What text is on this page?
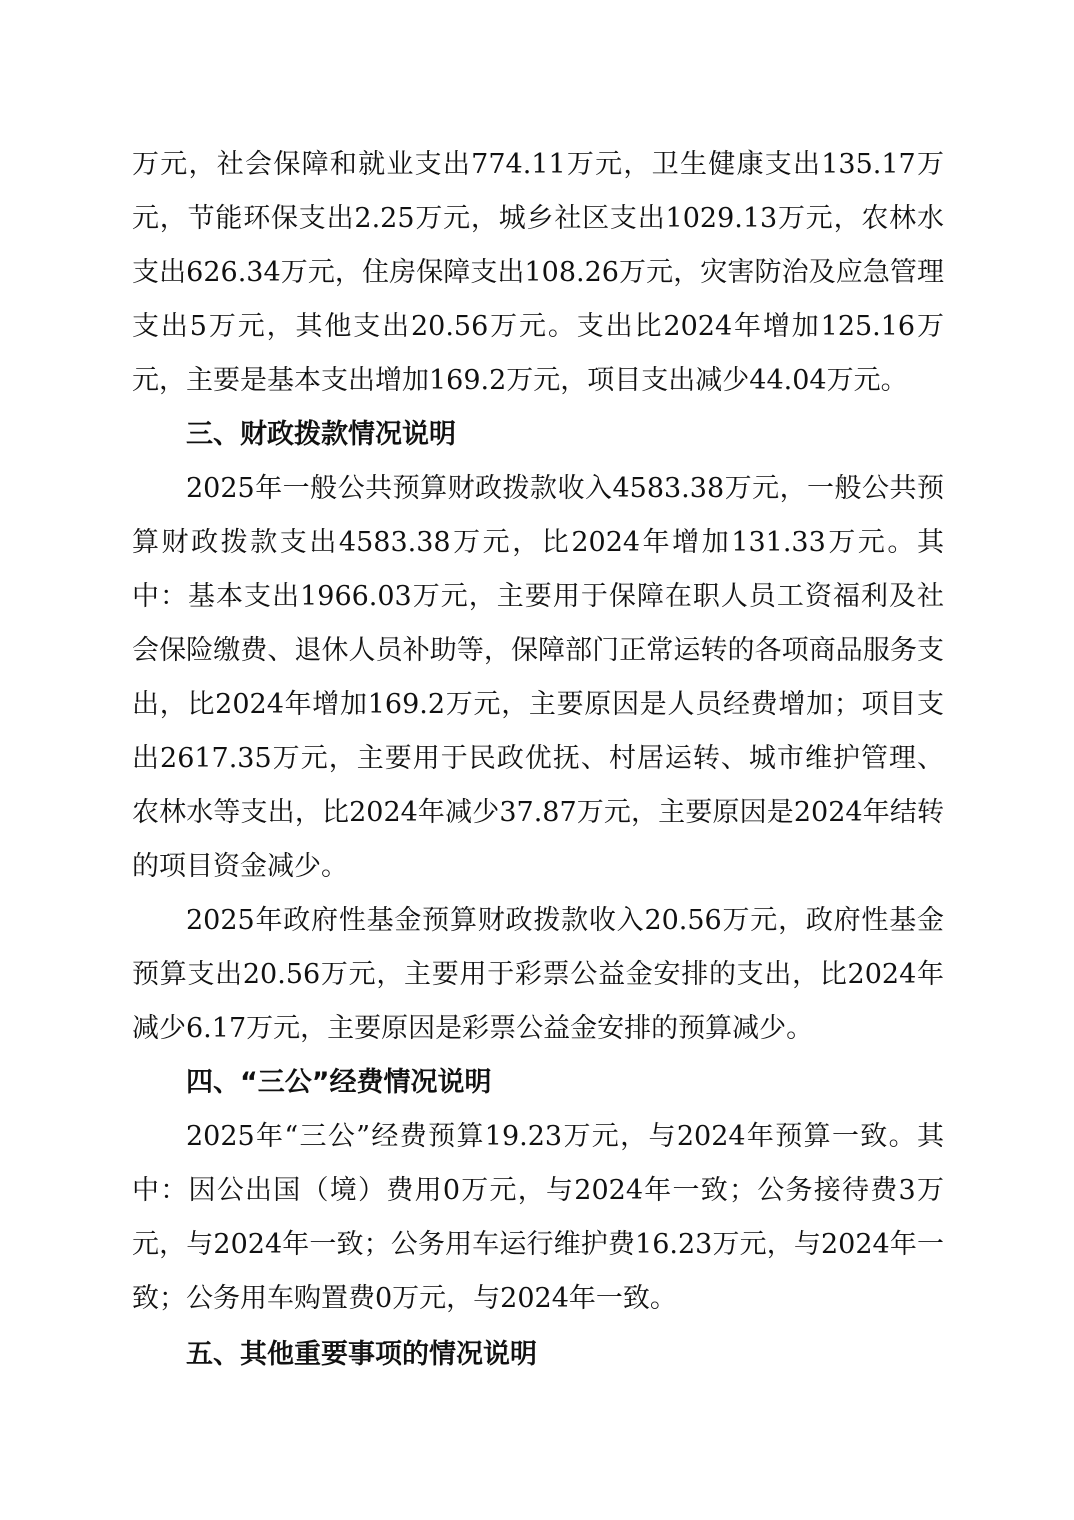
万元，社会保障和就业支出774.11万元，卫生健康支出135.17万元，节能环保支出2.25万元，城乡社区支出1029.13万元，农林水支出626.34万元，住房保障支出108.26万元，灾害防治及应急管理支出5万元，其他支出20.56万元。支出比2024年增加125.16万元，主要是基本支出增加169.2万元，项目支出减少44.04万元。

三、财政拨款情况说明

2025年一般公共预算财政拨款收入4583.38万元，一般公共预算财政拨款支出4583.38万元，比2024年增加131.33万元。其中：基本支出1966.03万元，主要用于保障在职人员工资福利及社会保险缴费、退休人员补助等，保障部门正常运转的各项商品服务支出，比2024年增加169.2万元，主要原因是人员经费增加；项目支出2617.35万元，主要用于民政优抚、村居运转、城市维护管理、农林水等支出，比2024年减少37.87万元，主要原因是2024年结转的项目资金减少。

2025年政府性基金预算财政拨款收入20.56万元，政府性基金预算支出20.56万元，主要用于彩票公益金安排的支出，比2024年减少6.17万元，主要原因是彩票公益金安排的预算减少。

四、“三公”经费情况说明

2025年“三公”经费预算19.23万元，与2024年预算一致。其中：因公出国（境）费用0万元，与2024年一致；公务接待费3万元，与2024年一致；公务用车运行维护费16.23万元，与2024年一致；公务用车购置费0万元，与2024年一致。

五、其他重要事项的情况说明
